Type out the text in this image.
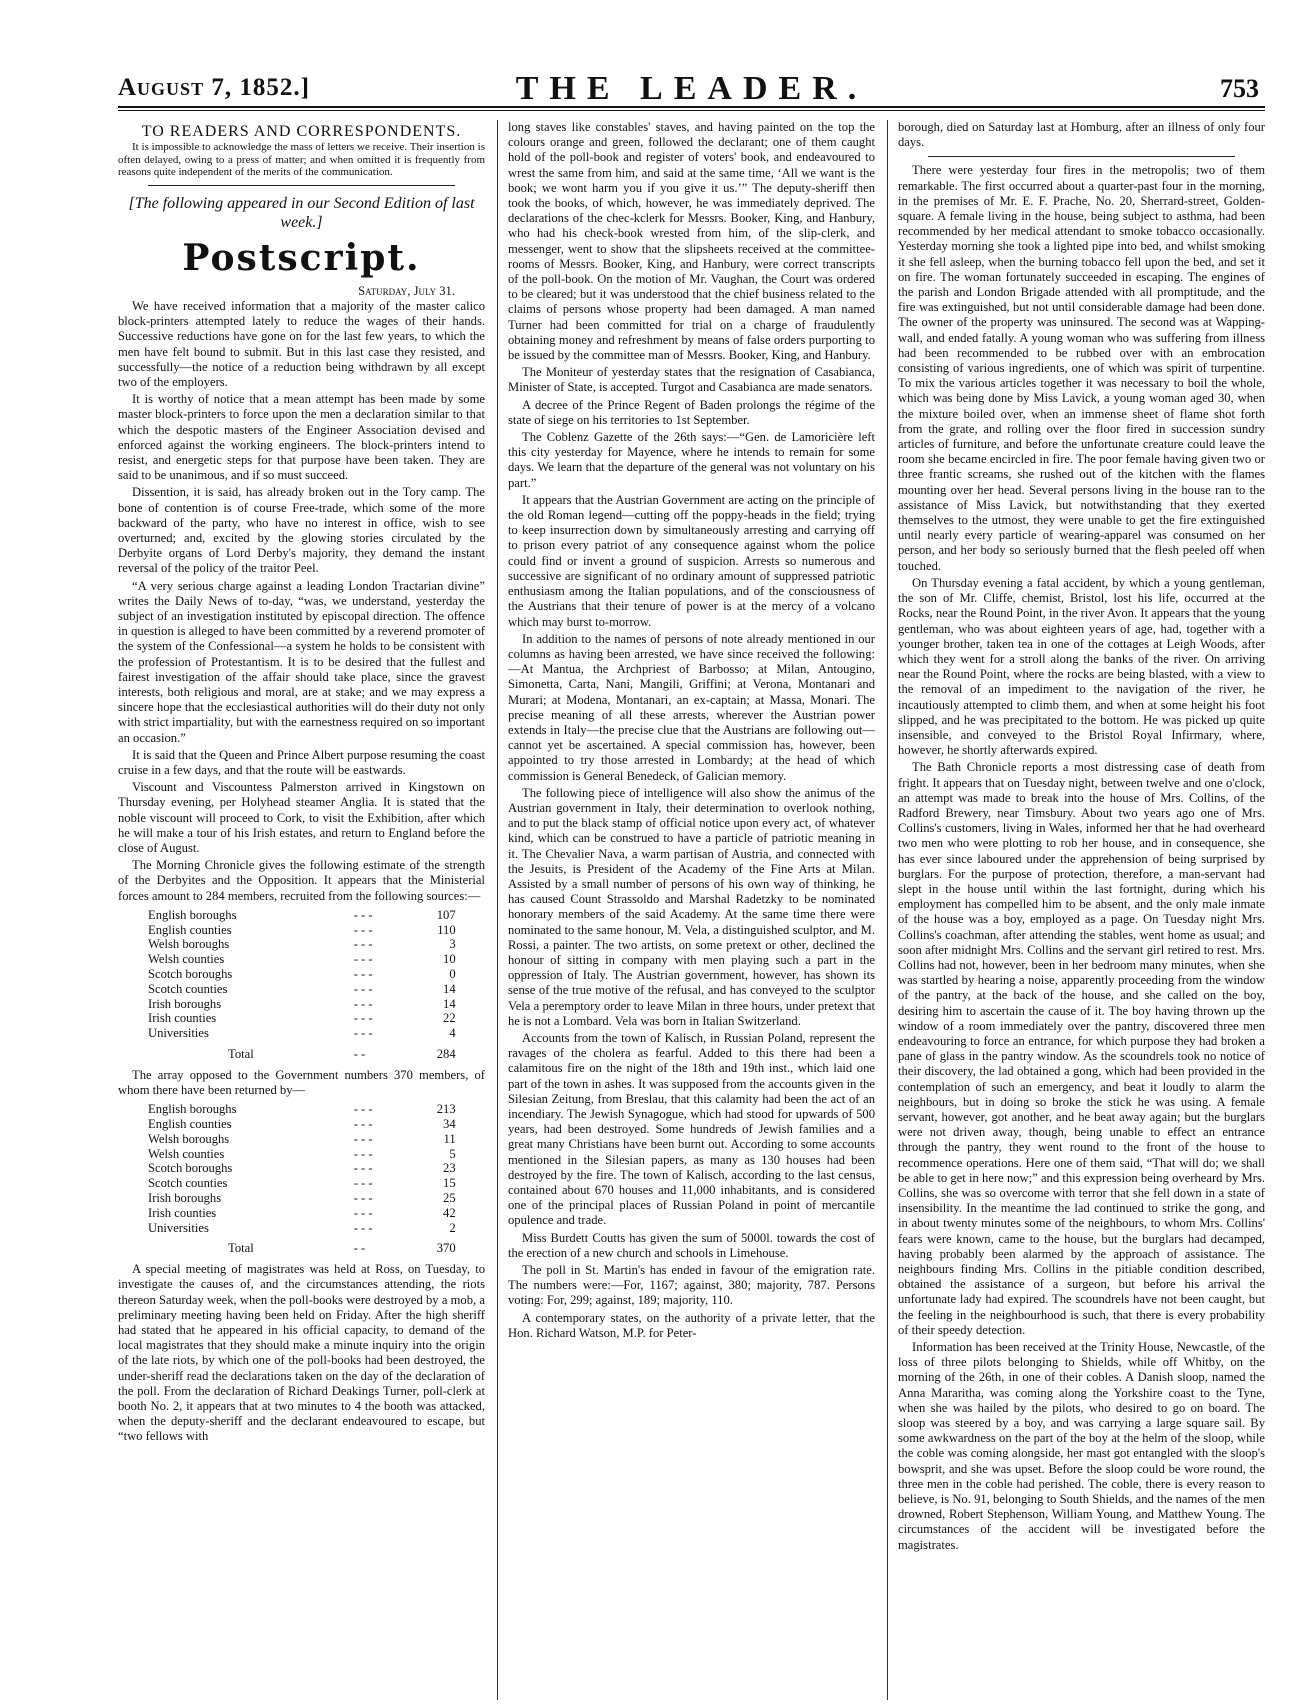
August 7, 1852.]	THE LEADER.	753
TO READERS AND CORRESPONDENTS.

It is impossible to acknowledge the mass of letters we receive. Their insertion is often delayed, owing to a press of matter; and when omitted it is frequently from reasons quite independent of the merits of the communication.

[The following appeared in our Second Edition of last week.]
Postscript.
Saturday, July 31.

We have received information that a majority of the master calico block-printers attempted lately to reduce the wages of their hands. Successive reductions have gone on for the last few years, to which the men have felt bound to submit. But in this last case they resisted, and successfully—the notice of a reduction being withdrawn by all except two of the employers.

It is worthy of notice that a mean attempt has been made by some master block-printers to force upon the men a declaration similar to that which the despotic masters of the Engineer Association devised and enforced against the working engineers. The block-printers intend to resist, and energetic steps for that purpose have been taken. They are said to be unanimous, and if so must succeed.

Dissention, it is said, has already broken out in the Tory camp. The bone of contention is of course Free-trade, which some of the more backward of the party, who have no interest in office, wish to see overturned; and, excited by the glowing stories circulated by the Derbyite organs of Lord Derby's majority, they demand the instant reversal of the policy of the traitor Peel.

“A very serious charge against a leading London Tractarian divine” writes the Daily News of to-day, “was, we understand, yesterday the subject of an investigation instituted by episcopal direction. The offence in question is alleged to have been committed by a reverend promoter of the system of the Confessional—a system he holds to be consistent with the profession of Protestantism. It is to be desired that the fullest and fairest investigation of the affair should take place, since the gravest interests, both religious and moral, are at stake; and we may express a sincere hope that the ecclesiastical authorities will do their duty not only with strict impartiality, but with the earnestness required on so important an occasion.”

It is said that the Queen and Prince Albert purpose resuming the coast cruise in a few days, and that the route will be eastwards.

Viscount and Viscountess Palmerston arrived in Kingstown on Thursday evening, per Holyhead steamer Anglia. It is stated that the noble viscount will proceed to Cork, to visit the Exhibition, after which he will make a tour of his Irish estates, and return to England before the close of August.

The Morning Chronicle gives the following estimate of the strength of the Derbyites and the Opposition. It appears that the Ministerial forces amount to 284 members, recruited from the following sources:—

English boroughs	- - -	107
English counties	- - -	110
Welsh boroughs	- - -	3
Welsh counties	- - -	10
Scotch boroughs	- - -	0
Scotch counties	- - -	14
Irish boroughs	- - -	14
Irish counties	- - -	22
Universities	- - -	4
Total	- -	284

The array opposed to the Government numbers 370 members, of whom there have been returned by—

English boroughs	- - -	213
English counties	- - -	34
Welsh boroughs	- - -	11
Welsh counties	- - -	5
Scotch boroughs	- - -	23
Scotch counties	- - -	15
Irish boroughs	- - -	25
Irish counties	- - -	42
Universities	- - -	2
Total	- -	370

A special meeting of magistrates was held at Ross, on Tuesday, to investigate the causes of, and the circumstances attending, the riots thereon Saturday week, when the poll-books were destroyed by a mob, a preliminary meeting having been held on Friday. After the high sheriff had stated that he appeared in his official capacity, to demand of the local magistrates that they should make a minute inquiry into the origin of the late riots, by which one of the poll-books had been destroyed, the under-sheriff read the declarations taken on the day of the declaration of the poll. From the declaration of Richard Deakings Turner, poll-clerk at booth No. 2, it appears that at two minutes to 4 the booth was attacked, when the deputy-sheriff and the declarant endeavoured to escape, but “two fellows with

long staves like constables' staves, and having painted on the top the colours orange and green, followed the declarant; one of them caught hold of the poll-book and register of voters' book, and endeavoured to wrest the same from him, and said at the same time, ‘All we want is the book; we wont harm you if you give it us.’” The deputy-sheriff then took the books, of which, however, he was immediately deprived. The declarations of the chec-kclerk for Messrs. Booker, King, and Hanbury, who had his check-book wrested from him, of the slip-clerk, and messenger, went to show that the slipsheets received at the committee-rooms of Messrs. Booker, King, and Hanbury, were correct transcripts of the poll-book. On the motion of Mr. Vaughan, the Court was ordered to be cleared; but it was understood that the chief business related to the claims of persons whose property had been damaged. A man named Turner had been committed for trial on a charge of fraudulently obtaining money and refreshment by means of false orders purporting to be issued by the committee man of Messrs. Booker, King, and Hanbury.

The Moniteur of yesterday states that the resignation of Casabianca, Minister of State, is accepted. Turgot and Casabianca are made senators.

A decree of the Prince Regent of Baden prolongs the régime of the state of siege on his territories to 1st September.

The Coblenz Gazette of the 26th says:—“Gen. de Lamoricière left this city yesterday for Mayence, where he intends to remain for some days. We learn that the departure of the general was not voluntary on his part.”

It appears that the Austrian Government are acting on the principle of the old Roman legend—cutting off the poppy-heads in the field; trying to keep insurrection down by simultaneously arresting and carrying off to prison every patriot of any consequence against whom the police could find or invent a ground of suspicion. Arrests so numerous and successive are significant of no ordinary amount of suppressed patriotic enthusiasm among the Italian populations, and of the consciousness of the Austrians that their tenure of power is at the mercy of a volcano which may burst to-morrow.

In addition to the names of persons of note already mentioned in our columns as having been arrested, we have since received the following:—At Mantua, the Archpriest of Barbosso; at Milan, Antougino, Simonetta, Carta, Nani, Mangili, Griffini; at Verona, Montanari and Murari; at Modena, Montanari, an ex-captain; at Massa, Monari. The precise meaning of all these arrests, wherever the Austrian power extends in Italy—the precise clue that the Austrians are following out—cannot yet be ascertained. A special commission has, however, been appointed to try those arrested in Lombardy; at the head of which commission is General Benedeck, of Galician memory.

The following piece of intelligence will also show the animus of the Austrian government in Italy, their determination to overlook nothing, and to put the black stamp of official notice upon every act, of whatever kind, which can be construed to have a particle of patriotic meaning in it. The Chevalier Nava, a warm partisan of Austria, and connected with the Jesuits, is President of the Academy of the Fine Arts at Milan. Assisted by a small number of persons of his own way of thinking, he has caused Count Strassoldo and Marshal Radetzky to be nominated honorary members of the said Academy. At the same time there were nominated to the same honour, M. Vela, a distinguished sculptor, and M. Rossi, a painter. The two artists, on some pretext or other, declined the honour of sitting in company with men playing such a part in the oppression of Italy. The Austrian government, however, has shown its sense of the true motive of the refusal, and has conveyed to the sculptor Vela a peremptory order to leave Milan in three hours, under pretext that he is not a Lombard. Vela was born in Italian Switzerland.

Accounts from the town of Kalisch, in Russian Poland, represent the ravages of the cholera as fearful. Added to this there had been a calamitous fire on the night of the 18th and 19th inst., which laid one part of the town in ashes. It was supposed from the accounts given in the Silesian Zeitung, from Breslau, that this calamity had been the act of an incendiary. The Jewish Synagogue, which had stood for upwards of 500 years, had been destroyed. Some hundreds of Jewish families and a great many Christians have been burnt out. According to some accounts mentioned in the Silesian papers, as many as 130 houses had been destroyed by the fire. The town of Kalisch, according to the last census, contained about 670 houses and 11,000 inhabitants, and is considered one of the principal places of Russian Poland in point of mercantile opulence and trade.

Miss Burdett Coutts has given the sum of 5000l. towards the cost of the erection of a new church and schools in Limehouse.

The poll in St. Martin's has ended in favour of the emigration rate. The numbers were:—For, 1167; against, 380; majority, 787. Persons voting: For, 299; against, 189; majority, 110.

A contemporary states, on the authority of a private letter, that the Hon. Richard Watson, M.P. for Peter-

borough, died on Saturday last at Homburg, after an illness of only four days.

There were yesterday four fires in the metropolis; two of them remarkable. The first occurred about a quarter-past four in the morning, in the premises of Mr. E. F. Prache, No. 20, Sherrard-street, Golden-square. A female living in the house, being subject to asthma, had been recommended by her medical attendant to smoke tobacco occasionally. Yesterday morning she took a lighted pipe into bed, and whilst smoking it she fell asleep, when the burning tobacco fell upon the bed, and set it on fire. The woman fortunately succeeded in escaping. The engines of the parish and London Brigade attended with all promptitude, and the fire was extinguished, but not until considerable damage had been done. The owner of the property was uninsured. The second was at Wapping-wall, and ended fatally. A young woman who was suffering from illness had been recommended to be rubbed over with an embrocation consisting of various ingredients, one of which was spirit of turpentine. To mix the various articles together it was necessary to boil the whole, which was being done by Miss Lavick, a young woman aged 30, when the mixture boiled over, when an immense sheet of flame shot forth from the grate, and rolling over the floor fired in succession sundry articles of furniture, and before the unfortunate creature could leave the room she became encircled in fire. The poor female having given two or three frantic screams, she rushed out of the kitchen with the flames mounting over her head. Several persons living in the house ran to the assistance of Miss Lavick, but notwithstanding that they exerted themselves to the utmost, they were unable to get the fire extinguished until nearly every particle of wearing-apparel was consumed on her person, and her body so seriously burned that the flesh peeled off when touched.

On Thursday evening a fatal accident, by which a young gentleman, the son of Mr. Cliffe, chemist, Bristol, lost his life, occurred at the Rocks, near the Round Point, in the river Avon. It appears that the young gentleman, who was about eighteen years of age, had, together with a younger brother, taken tea in one of the cottages at Leigh Woods, after which they went for a stroll along the banks of the river. On arriving near the Round Point, where the rocks are being blasted, with a view to the removal of an impediment to the navigation of the river, he incautiously attempted to climb them, and when at some height his foot slipped, and he was precipitated to the bottom. He was picked up quite insensible, and conveyed to the Bristol Royal Infirmary, where, however, he shortly afterwards expired.

The Bath Chronicle reports a most distressing case of death from fright. It appears that on Tuesday night, between twelve and one o'clock, an attempt was made to break into the house of Mrs. Collins, of the Radford Brewery, near Timsbury. About two years ago one of Mrs. Collins's customers, living in Wales, informed her that he had overheard two men who were plotting to rob her house, and in consequence, she has ever since laboured under the apprehension of being surprised by burglars. For the purpose of protection, therefore, a man-servant had slept in the house until within the last fortnight, during which his employment has compelled him to be absent, and the only male inmate of the house was a boy, employed as a page. On Tuesday night Mrs. Collins's coachman, after attending the stables, went home as usual; and soon after midnight Mrs. Collins and the servant girl retired to rest. Mrs. Collins had not, however, been in her bedroom many minutes, when she was startled by hearing a noise, apparently proceeding from the window of the pantry, at the back of the house, and she called on the boy, desiring him to ascertain the cause of it. The boy having thrown up the window of a room immediately over the pantry, discovered three men endeavouring to force an entrance, for which purpose they had broken a pane of glass in the pantry window. As the scoundrels took no notice of their discovery, the lad obtained a gong, which had been provided in the contemplation of such an emergency, and beat it loudly to alarm the neighbours, but in doing so broke the stick he was using. A female servant, however, got another, and he beat away again; but the burglars were not driven away, though, being unable to effect an entrance through the pantry, they went round to the front of the house to recommence operations. Here one of them said, “That will do; we shall be able to get in here now;” and this expression being overheard by Mrs. Collins, she was so overcome with terror that she fell down in a state of insensibility. In the meantime the lad continued to strike the gong, and in about twenty minutes some of the neighbours, to whom Mrs. Collins' fears were known, came to the house, but the burglars had decamped, having probably been alarmed by the approach of assistance. The neighbours finding Mrs. Collins in the pitiable condition described, obtained the assistance of a surgeon, but before his arrival the unfortunate lady had expired. The scoundrels have not been caught, but the feeling in the neighbourhood is such, that there is every probability of their speedy detection.

Information has been received at the Trinity House, Newcastle, of the loss of three pilots belonging to Shields, while off Whitby, on the morning of the 26th, in one of their cobles. A Danish sloop, named the Anna Mararitha, was coming along the Yorkshire coast to the Tyne, when she was hailed by the pilots, who desired to go on board. The sloop was steered by a boy, and was carrying a large square sail. By some awkwardness on the part of the boy at the helm of the sloop, while the coble was coming alongside, her mast got entangled with the sloop's bowsprit, and she was upset. Before the sloop could be wore round, the three men in the coble had perished. The coble, there is every reason to believe, is No. 91, belonging to South Shields, and the names of the men drowned, Robert Stephenson, William Young, and Matthew Young. The circumstances of the accident will be investigated before the magistrates.
